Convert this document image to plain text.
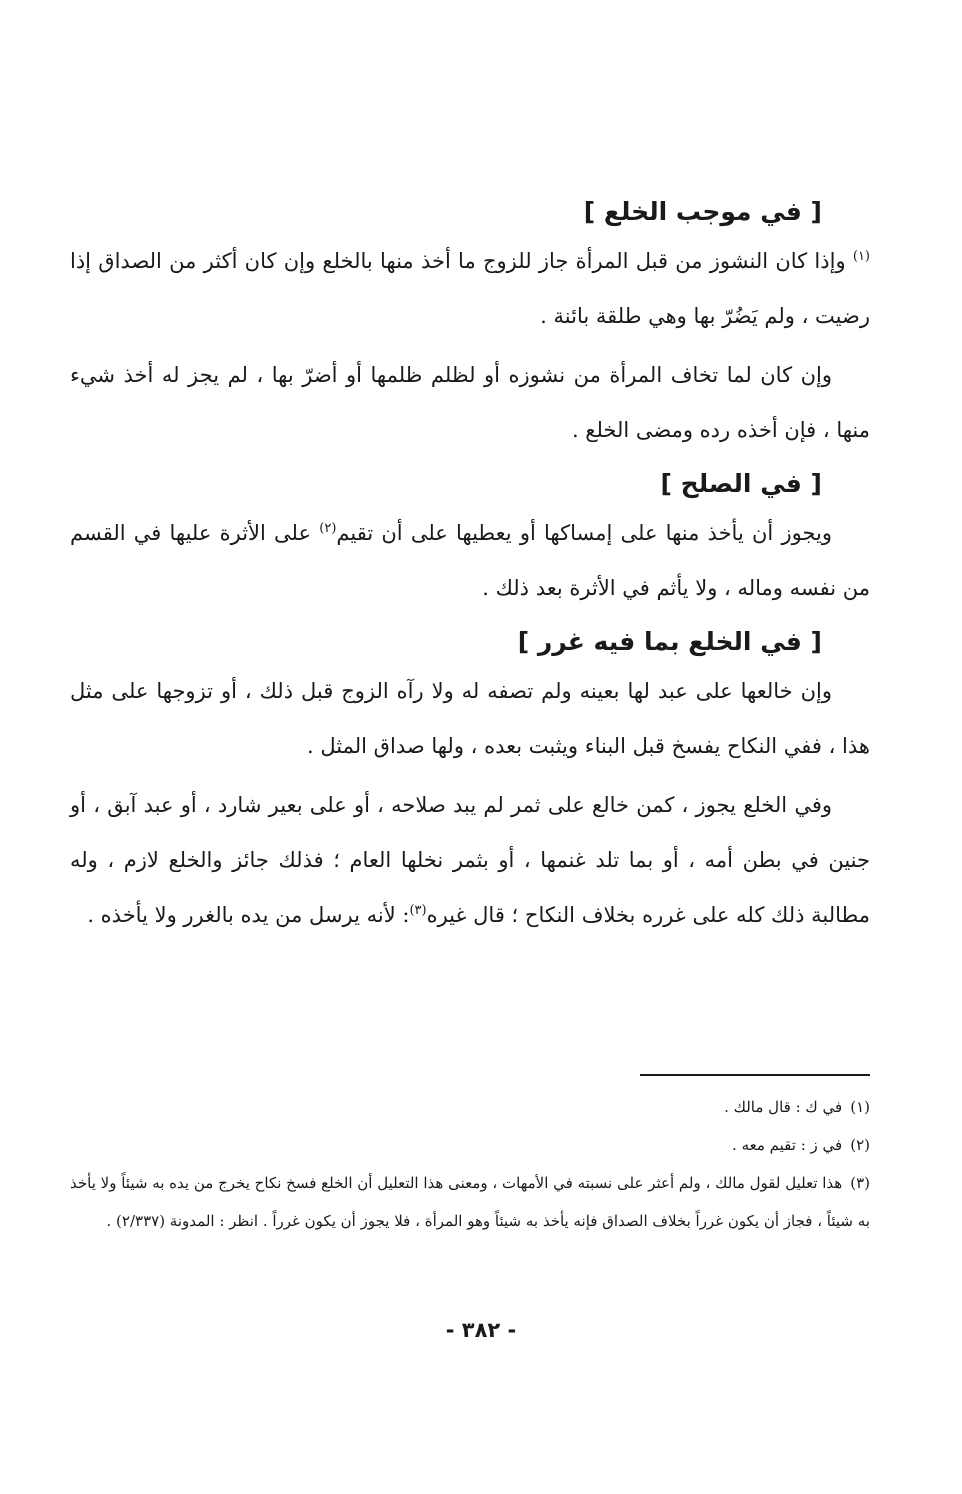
[ في موجب الخلع ]

$^{(١)}$ وإذا كان النشوز من قبل المرأة جاز للزوج ما أخذ منها بالخلع وإن كان أكثر من الصداق إذا رضيت ، ولم يَضُرّ بها وهي طلقة بائنة .

وإن كان لما تخاف المرأة من نشوزه أو لظلم ظلمها أو أضرّ بها ، لم يجز له أخذ شيء منها ، فإن أخذه رده ومضى الخلع .

[ في الصلح ]

ويجوز أن يأخذ منها على إمساكها أو يعطيها على أن تقيم$^{(٢)}$ على الأثرة عليها في القسم من نفسه وماله ، ولا يأثم في الأثرة بعد ذلك .

[ في الخلع بما فيه غرر ]

وإن خالعها على عبد لها بعينه ولم تصفه له ولا رآه الزوج قبل ذلك ، أو تزوجها على مثل هذا ، ففي النكاح يفسخ قبل البناء ويثبت بعده ، ولها صداق المثل .

وفي الخلع يجوز ، كمن خالع على ثمر لم يبد صلاحه ، أو على بعير شارد ، أو عبد آبق ، أو جنين في بطن أمه ، أو بما تلد غنمها ، أو بثمر نخلها العام ؛ فذلك جائز والخلع لازم ، وله مطالبة ذلك كله على غرره بخلاف النكاح ؛ قال غيره$^{(٣)}$: لأنه يرسل من يده بالغرر ولا يأخذه .

(١)في ك : قال مالك .

(٢)في ز : تقيم معه .

(٣)هذا تعليل لقول مالك ، ولم أعثر على نسبته في الأمهات ، ومعنى هذا التعليل أن الخلع فسخ نكاح يخرج من يده به شيئاً ولا يأخذ به شيئاً ، فجاز أن يكون غرراً بخلاف الصداق فإنه يأخذ به شيئاً وهو المرأة ، فلا يجوز أن يكون غرراً . انظر : المدونة (٢/٣٣٧) .

- ٣٨٢ -
